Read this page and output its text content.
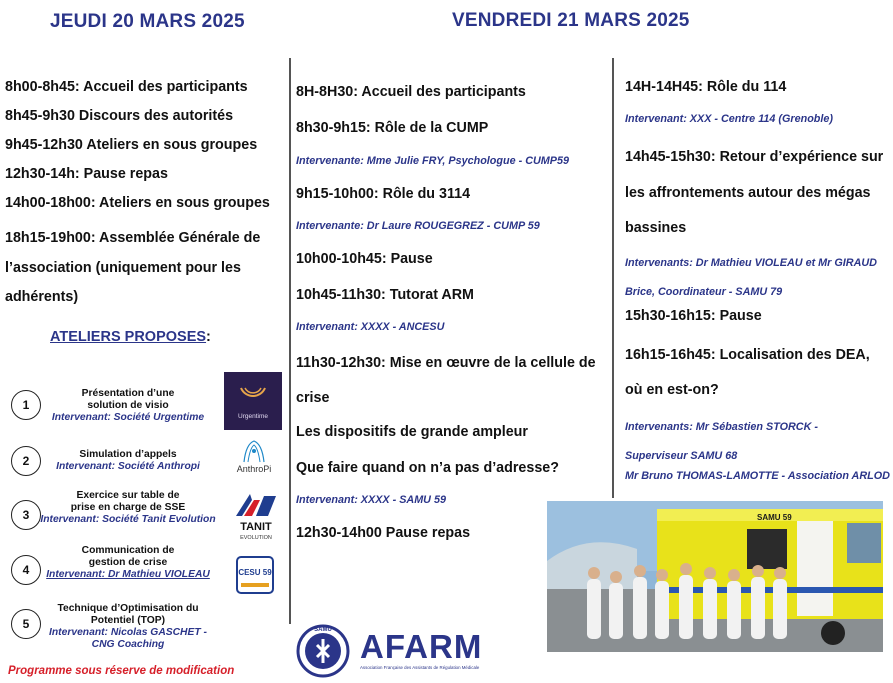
JEUDI 20 MARS 2025	VENDREDI 21 MARS 2025
8h00-8h45: Accueil des participants
8h45-9h30 Discours des autorités
9h45-12h30 Ateliers en sous groupes
12h30-14h: Pause repas
14h00-18h00: Ateliers en sous groupes
18h15-19h00: Assemblée Générale de l’association (uniquement pour les adhérents)
ATELIERS PROPOSES:
1
Présentation d’une solution de visio
Intervenant: Société Urgentime	Urgentime
2	Simulation d’appels
Intervenant: Société Anthropi	AnthroPi
3
Exercice sur table de prise en charge de SSE
Intervenant: Société Tanit Evolution
TANIT
EVOLUTION
4
Communication de gestion de crise
Intervenant: Dr Mathieu VIOLEAU	CESU 59
5
Technique d’Optimisation du Potentiel (TOP)
Intervenant: Nicolas GASCHET - CNG Coaching
Programme sous réserve de modification
8H-8H30: Accueil des participants
8h30-9h15: Rôle de la CUMP
Intervenante: Mme Julie FRY, Psychologue - CUMP59
9h15-10h00: Rôle du 3114
Intervenante: Dr Laure ROUGEGREZ - CUMP 59
10h00-10h45: Pause
10h45-11h30: Tutorat ARM
Intervenant: XXXX - ANCESU
11h30-12h30: Mise en œuvre de la cellule de crise
Les dispositifs de grande ampleur
Que faire quand on n’a pas d’adresse?
Intervenant: XXXX - SAMU 59
12h30-14h00 Pause repas
14H-14H45: Rôle du 114
Intervenant: XXX - Centre 114 (Grenoble)
14h45-15h30: Retour d’expérience sur les affrontements autour des mégas bassines
Intervenants: Dr Mathieu VIOLEAU et Mr GIRAUD Brice, Coordinateur - SAMU 79
15h30-16h15: Pause
16h15-16h45: Localisation des DEA, où en est-on?
Intervenants: Mr Sébastien STORCK - Superviseur SAMU 68
Mr Bruno THOMAS-LAMOTTE - Association ARLOD
SAMU 59
SAMU AFARM
Association Française des Assistants de Régulation Médicale
